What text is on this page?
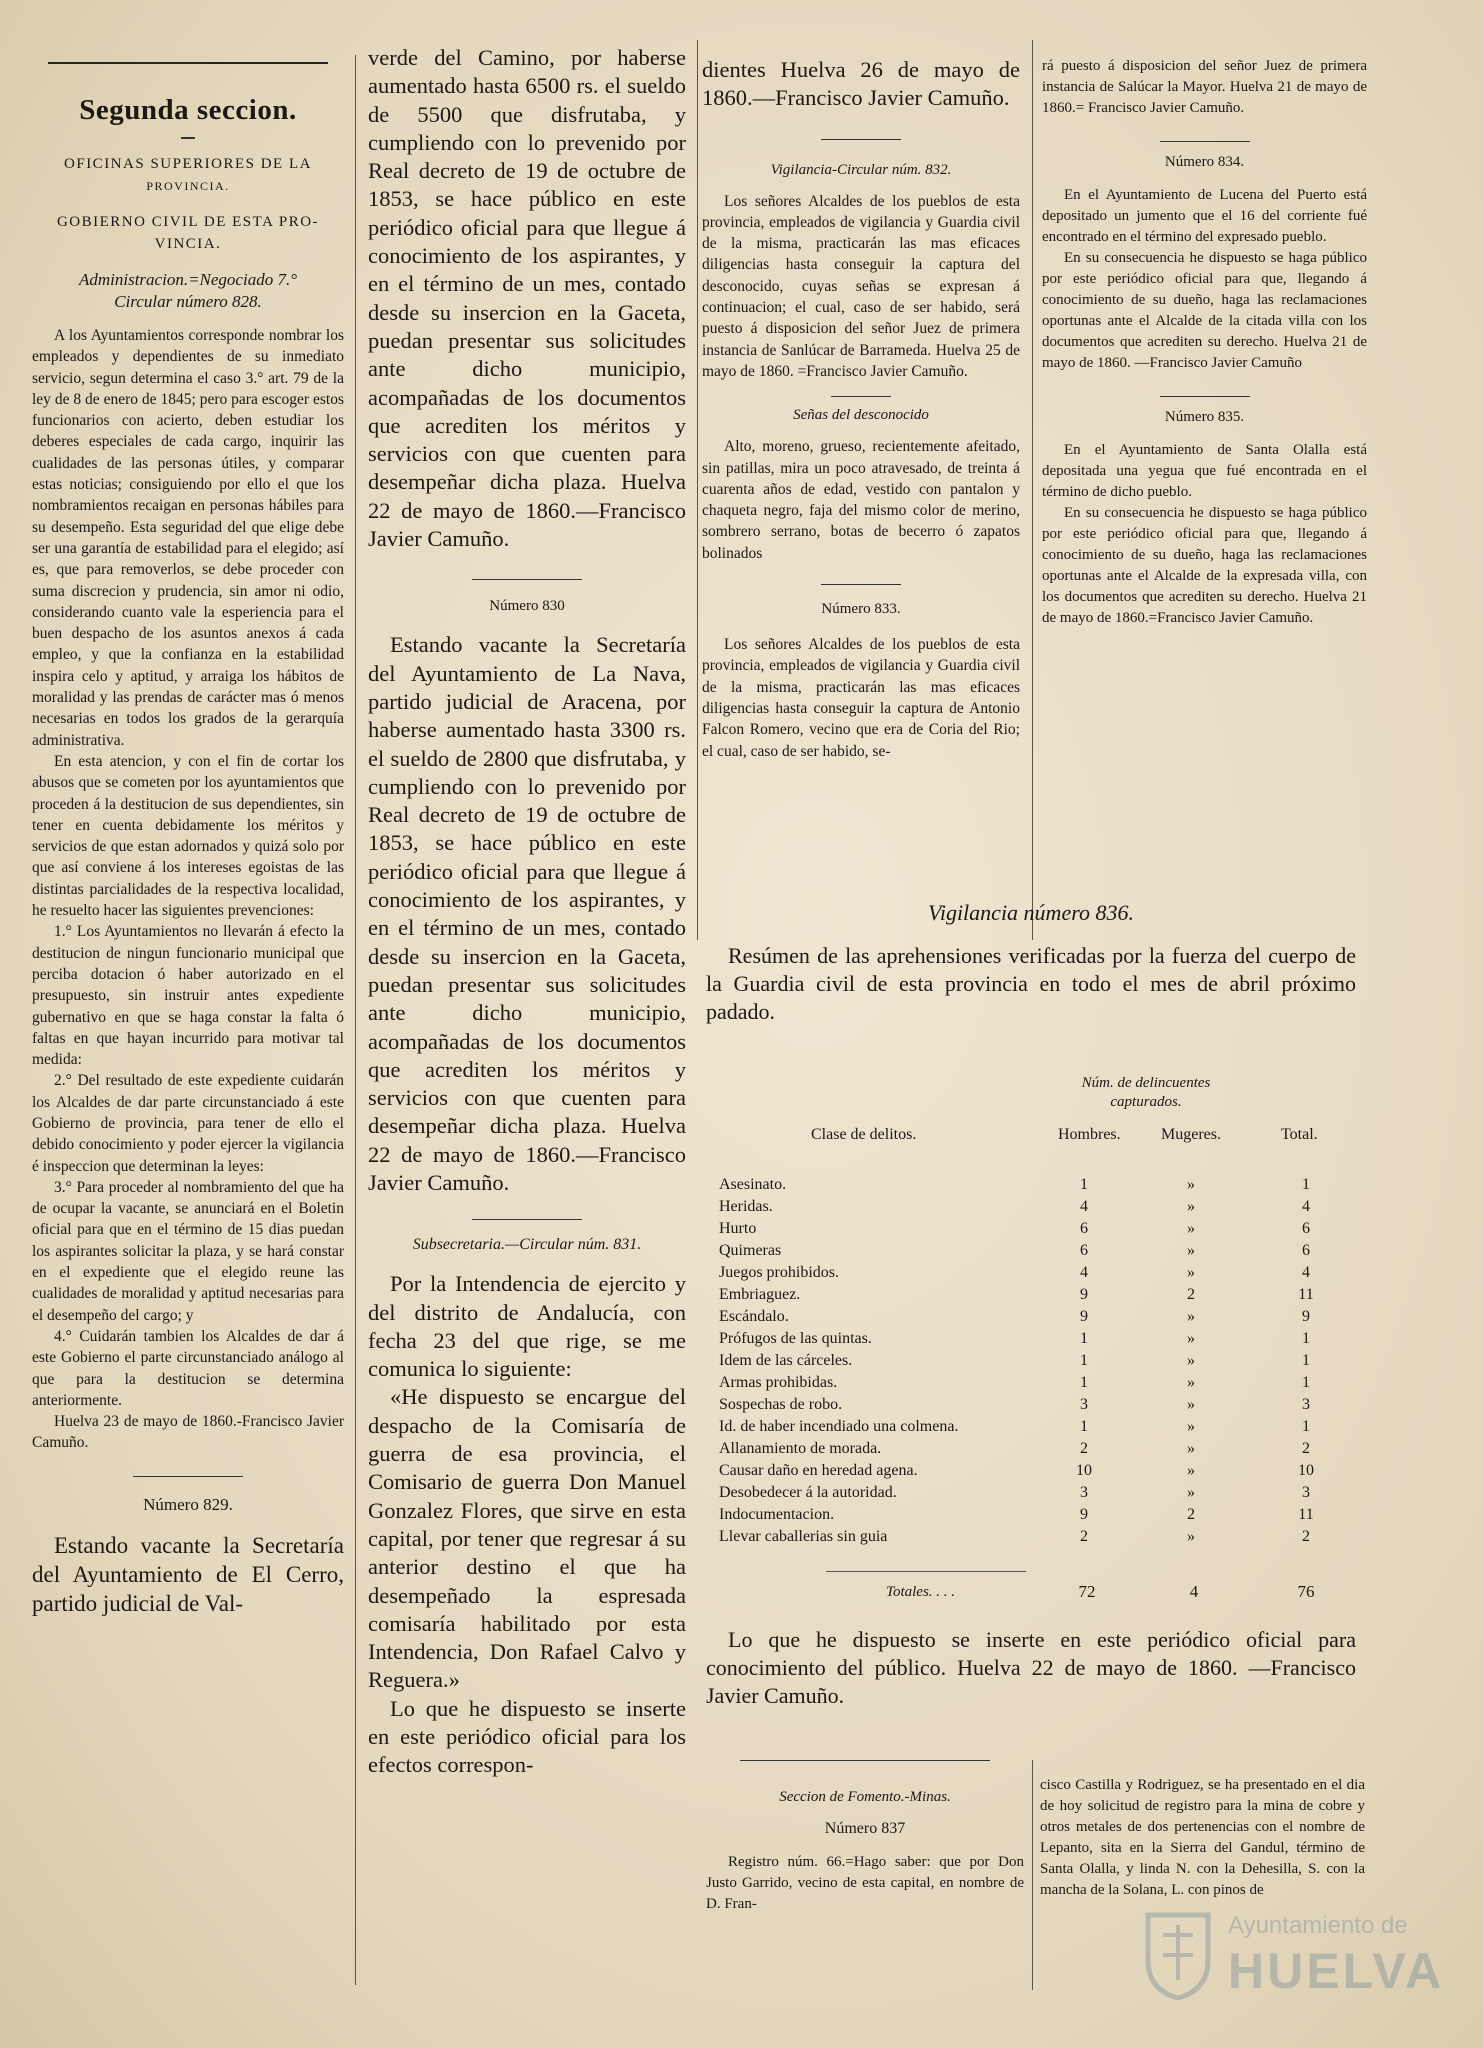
Segunda seccion.
OFICINAS SUPERIORES DE LA
PROVINCIA.
GOBIERNO CIVIL DE ESTA PRO-
VINCIA.
Administracion.=Negociado 7.°
Circular número 828.

A los Ayuntamientos corresponde nombrar los empleados y dependientes de su inmediato servicio, segun determina el caso 3.° art. 79 de la ley de 8 de enero de 1845; pero para escoger estos funcionarios con acierto, deben estudiar los deberes especiales de cada cargo, inquirir las cualidades de las personas útiles, y comparar estas noticias; consiguiendo por ello el que los nombramientos recaigan en personas hábiles para su desempeño. Esta seguridad del que elige debe ser una garantía de estabilidad para el elegido; así es, que para removerlos, se debe proceder con suma discrecion y prudencia, sin amor ni odio, considerando cuanto vale la esperiencia para el buen despacho de los asuntos anexos á cada empleo, y que la confianza en la estabilidad inspira celo y aptitud, y arraiga los hábitos de moralidad y las prendas de carácter mas ó menos necesarias en todos los grados de la gerarquía administrativa.

En esta atencion, y con el fin de cortar los abusos que se cometen por los ayuntamientos que proceden á la destitucion de sus dependientes, sin tener en cuenta debidamente los méritos y servicios de que estan adornados y quizá solo por que así conviene á los intereses egoistas de las distintas parcialidades de la respectiva localidad, he resuelto hacer las siguientes prevenciones:

1.° Los Ayuntamientos no llevarán á efecto la destitucion de ningun funcionario municipal que perciba dotacion ó haber autorizado en el presupuesto, sin instruir antes expediente gubernativo en que se haga constar la falta ó faltas en que hayan incurrido para motivar tal medida:

2.° Del resultado de este expediente cuidarán los Alcaldes de dar parte circunstanciado á este Gobierno de provincia, para tener de ello el debido conocimiento y poder ejercer la vigilancia é inspeccion que determinan la leyes:

3.° Para proceder al nombramiento del que ha de ocupar la vacante, se anunciará en el Boletin oficial para que en el término de 15 dias puedan los aspirantes solicitar la plaza, y se hará constar en el expediente que el elegido reune las cualidades de moralidad y aptitud necesarias para el desempeño del cargo; y

4.° Cuidarán tambien los Alcaldes de dar á este Gobierno el parte circunstanciado análogo al que para la destitucion se determina anteriormente.

Huelva 23 de mayo de 1860.-Francisco Javier Camuño.

Número 829.

Estando vacante la Secretaría del Ayuntamiento de El Cerro, partido judicial de Val-

verde del Camino, por haberse aumentado hasta 6500 rs. el sueldo de 5500 que disfrutaba, y cumpliendo con lo prevenido por Real decreto de 19 de octubre de 1853, se hace público en este periódico oficial para que llegue á conocimiento de los aspirantes, y en el término de un mes, contado desde su insercion en la Gaceta, puedan presentar sus solicitudes ante dicho municipio, acompañadas de los documentos que acrediten los méritos y servicios con que cuenten para desempeñar dicha plaza. Huelva 22 de mayo de 1860.—Francisco Javier Camuño.

Número 830

Estando vacante la Secretaría del Ayuntamiento de La Nava, partido judicial de Aracena, por haberse aumentado hasta 3300 rs. el sueldo de 2800 que disfrutaba, y cumpliendo con lo prevenido por Real decreto de 19 de octubre de 1853, se hace público en este periódico oficial para que llegue á conocimiento de los aspirantes, y en el término de un mes, contado desde su insercion en la Gaceta, puedan presentar sus solicitudes ante dicho municipio, acompañadas de los documentos que acrediten los méritos y servicios con que cuenten para desempeñar dicha plaza. Huelva 22 de mayo de 1860.—Francisco Javier Camuño.

Subsecretaria.—Circular núm. 831.

Por la Intendencia de ejercito y del distrito de Andalucía, con fecha 23 del que rige, se me comunica lo siguiente:

«He dispuesto se encargue del despacho de la Comisaría de guerra de esa provincia, el Comisario de guerra Don Manuel Gonzalez Flores, que sirve en esta capital, por tener que regresar á su anterior destino el que ha desempeñado la espresada comisaría habilitado por esta Intendencia, Don Rafael Calvo y Reguera.»

Lo que he dispuesto se inserte en este periódico oficial para los efectos correspon-

dientes Huelva 26 de mayo de 1860.—Francisco Javier Camuño.

Vigilancia-Circular núm. 832.

Los señores Alcaldes de los pueblos de esta provincia, empleados de vigilancia y Guardia civil de la misma, practicarán las mas eficaces diligencias hasta conseguir la captura del desconocido, cuyas señas se expresan á continuacion; el cual, caso de ser habido, será puesto á disposicion del señor Juez de primera instancia de Sanlúcar de Barrameda. Huelva 25 de mayo de 1860. =Francisco Javier Camuño.

Señas del desconocido

Alto, moreno, grueso, recientemente afeitado, sin patillas, mira un poco atravesado, de treinta á cuarenta años de edad, vestido con pantalon y chaqueta negro, faja del mismo color de merino, sombrero serrano, botas de becerro ó zapatos bolinados

Número 833.

Los señores Alcaldes de los pueblos de esta provincia, empleados de vigilancia y Guardia civil de la misma, practicarán las mas eficaces diligencias hasta conseguir la captura de Antonio Falcon Romero, vecino que era de Coria del Rio; el cual, caso de ser habido, se-

rá puesto á disposicion del señor Juez de primera instancia de Salúcar la Mayor. Huelva 21 de mayo de 1860.= Francisco Javier Camuño.

Número 834.

En el Ayuntamiento de Lucena del Puerto está depositado un jumento que el 16 del corriente fué encontrado en el término del expresado pueblo.

En su consecuencia he dispuesto se haga público por este periódico oficial para que, llegando á conocimiento de su dueño, haga las reclamaciones oportunas ante el Alcalde de la citada villa con los documentos que acrediten su derecho. Huelva 21 de mayo de 1860. —Francisco Javier Camuño

Número 835.

En el Ayuntamiento de Santa Olalla está depositada una yegua que fué encontrada en el término de dicho pueblo.

En su consecuencia he dispuesto se haga público por este periódico oficial para que, llegando á conocimiento de su dueño, haga las reclamaciones oportunas ante el Alcalde de la expresada villa, con los documentos que acrediten su derecho. Huelva 21 de mayo de 1860.=Francisco Javier Camuño.

Vigilancia número 836.

Resúmen de las aprehensiones verificadas por la fuerza del cuerpo de la Guardia civil de esta provincia en todo el mes de abril próximo padado.

Núm. de delincuentes capturados.
Clase de delitos.	Hombres.	Mugeres.	Total.
Asesinato.	1	»	1
Heridas.	4	»	4
Hurto	6	»	6
Quimeras	6	»	6
Juegos prohibidos.	4	»	4
Embriaguez.	9	2	11
Escándalo.	9	»	9
Prófugos de las quintas.	1	»	1
Idem de las cárceles.	1	»	1
Armas prohibidas.	1	»	1
Sospechas de robo.	3	»	3
Id. de haber incendiado una colmena.	1	»	1
Allanamiento de morada.	2	»	2
Causar daño en heredad agena.	10	»	10
Desobedecer á la autoridad.	3	»	3
Indocumentacion.	9	2	11
Llevar caballerias sin guia	2	»	2
Totales. . . .	72	4	76

Lo que he dispuesto se inserte en este periódico oficial para conocimiento del público. Huelva 22 de mayo de 1860. —Francisco Javier Camuño.

Seccion de Fomento.-Minas.
Número 837

Registro núm. 66.=Hago saber: que por Don Justo Garrido, vecino de esta capital, en nombre de D. Fran-

cisco Castilla y Rodriguez, se ha presentado en el dia de hoy solicitud de registro para la mina de cobre y otros metales de dos pertenencias con el nombre de Lepanto, sita en la Sierra del Gandul, término de Santa Olalla, y linda N. con la Dehesilla, S. con la mancha de la Solana, L. con pinos de

Ayuntamiento de
HUELVA
